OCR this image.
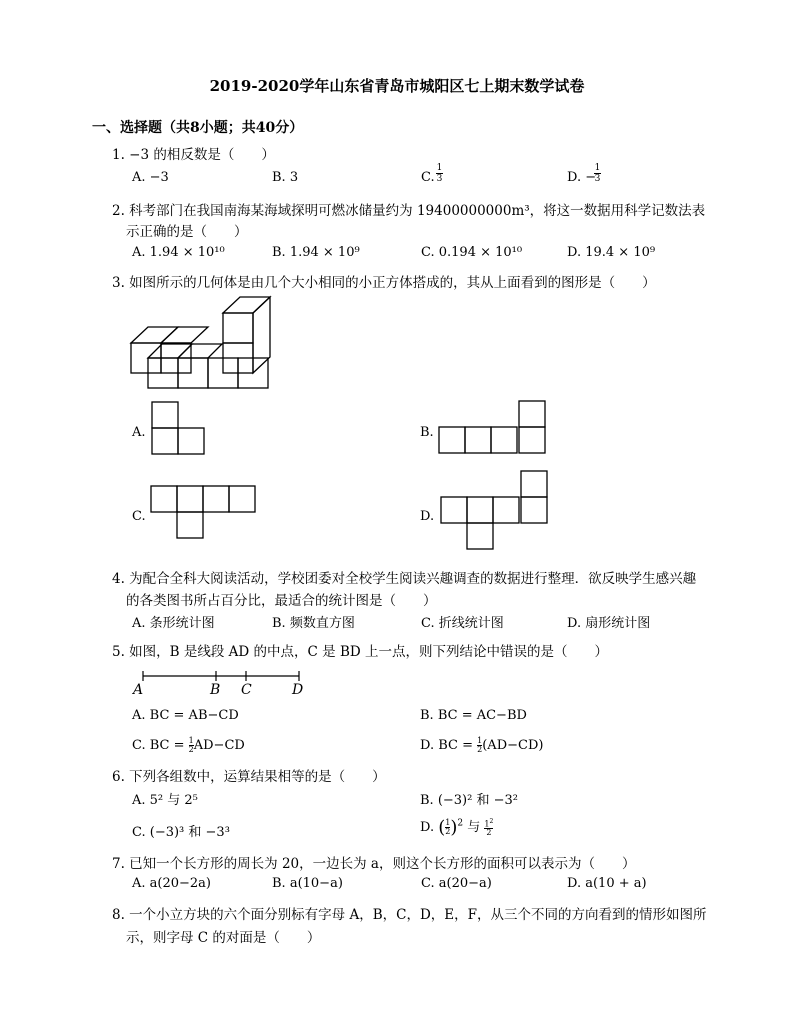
2019-2020学年山东省青岛市城阳区七上期末数学试卷
一、选择题（共8小题；共40分）
1. −3 的相反数是（　　）
A. −3	B. 3	C. $\frac{1}{3}$	D. −
$\frac{1}{3}$
2. 科考部门在我国南海某海域探明可燃冰储量约为 19400000000m³，将这一数据用科学记数法表
示正确的是（　　）
A. 1.94 × 10¹⁰	B. 1.94 × 10⁹	C. 0.194 × 10¹⁰	D. 19.4 × 10⁹
3. 如图所示的几何体是由几个大小相同的小正方体搭成的，其从上面看到的图形是（　　）
A.	B.
C.	D.
4. 为配合全科大阅读活动，学校团委对全校学生阅读兴趣调查的数据进行整理．欲反映学生感兴趣
的各类图书所占百分比，最适合的统计图是（　　）
A. 条形统计图	B. 频数直方图	C. 折线统计图	D. 扇形统计图
5. 如图，B 是线段 AD 的中点，C 是 BD 上一点，则下列结论中错误的是（　　）
A	B C	D
A. BC = AB−CD	B. BC = AC−BD
C. BC = $\frac{1}{2} AD-CD$	D. BC = $\frac{1}{2} (AD-CD)$
6. 下列各组数中，运算结果相等的是（　　）
A. 5² 与 2⁵	B. (−3)² 和 −3²
C. (−3)³ 和 −3³	D. ( $\frac{1}{2} )^2$ 与 $\frac{1^2}{2}$
7. 已知一个长方形的周长为 20，一边长为 a，则这个长方形的面积可以表示为（　　）
A. a(20−2a)	B. a(10−a)	C. a(20−a)	D. a(10 + a)
8. 一个小立方块的六个面分别标有字母 A，B，C，D，E，F，从三个不同的方向看到的情形如图所
示，则字母 C 的对面是（　　）
